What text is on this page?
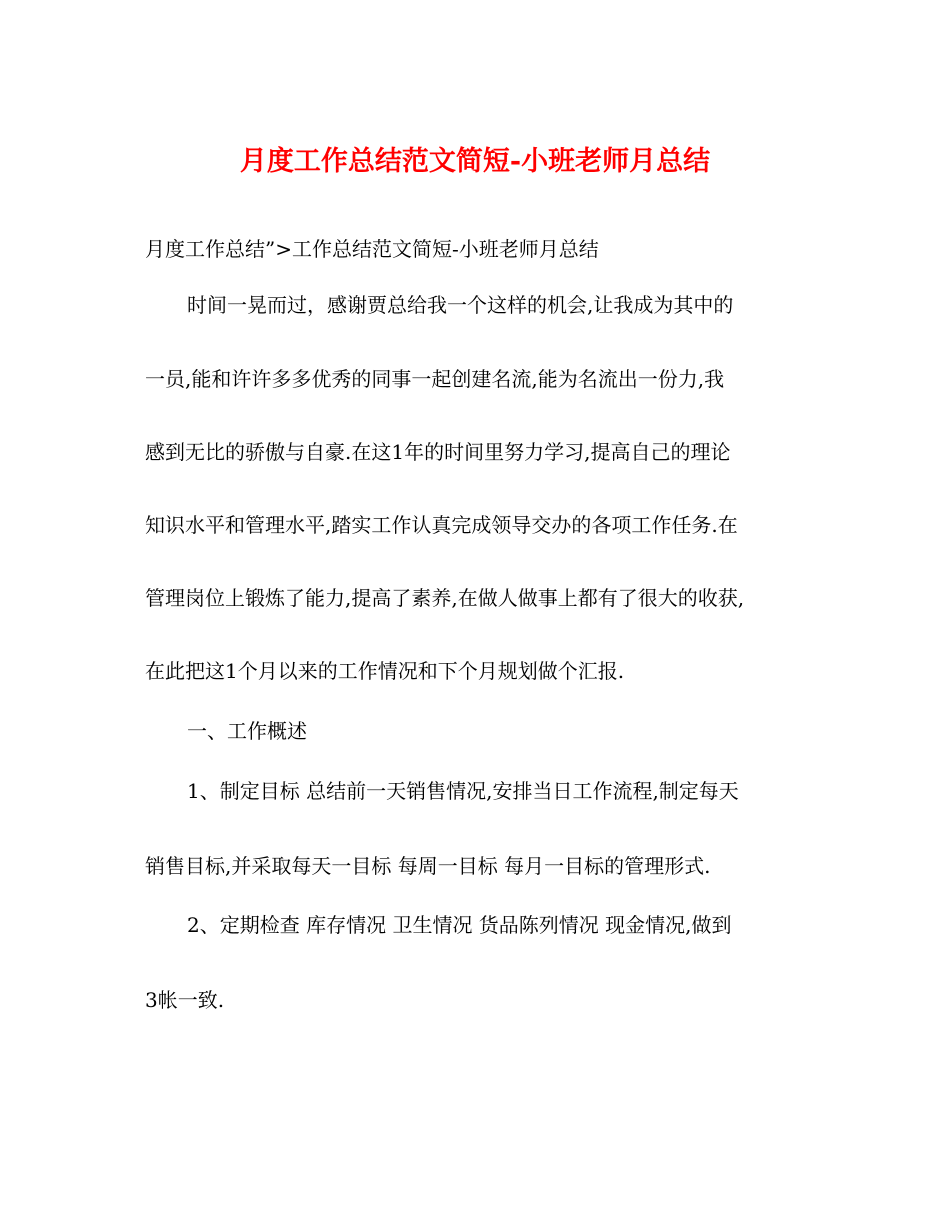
月度工作总结范文简短-小班老师月总结
月度工作总结”>工作总结范文简短-小班老师月总结
时间一晃而过，感谢贾总给我一个这样的机会,让我成为其中的
一员,能和许许多多优秀的同事一起创建名流,能为名流出一份力,我
感到无比的骄傲与自豪.在这1年的时间里努力学习,提高自己的理论
知识水平和管理水平,踏实工作认真完成领导交办的各项工作任务.在
管理岗位上锻炼了能力,提高了素养,在做人做事上都有了很大的收获,
在此把这1个月以来的工作情况和下个月规划做个汇报.
一、工作概述
1、制定目标 总结前一天销售情况,安排当日工作流程,制定每天
销售目标,并采取每天一目标 每周一目标 每月一目标的管理形式.
2、定期检查 库存情况 卫生情况 货品陈列情况 现金情况,做到
3帐一致.
